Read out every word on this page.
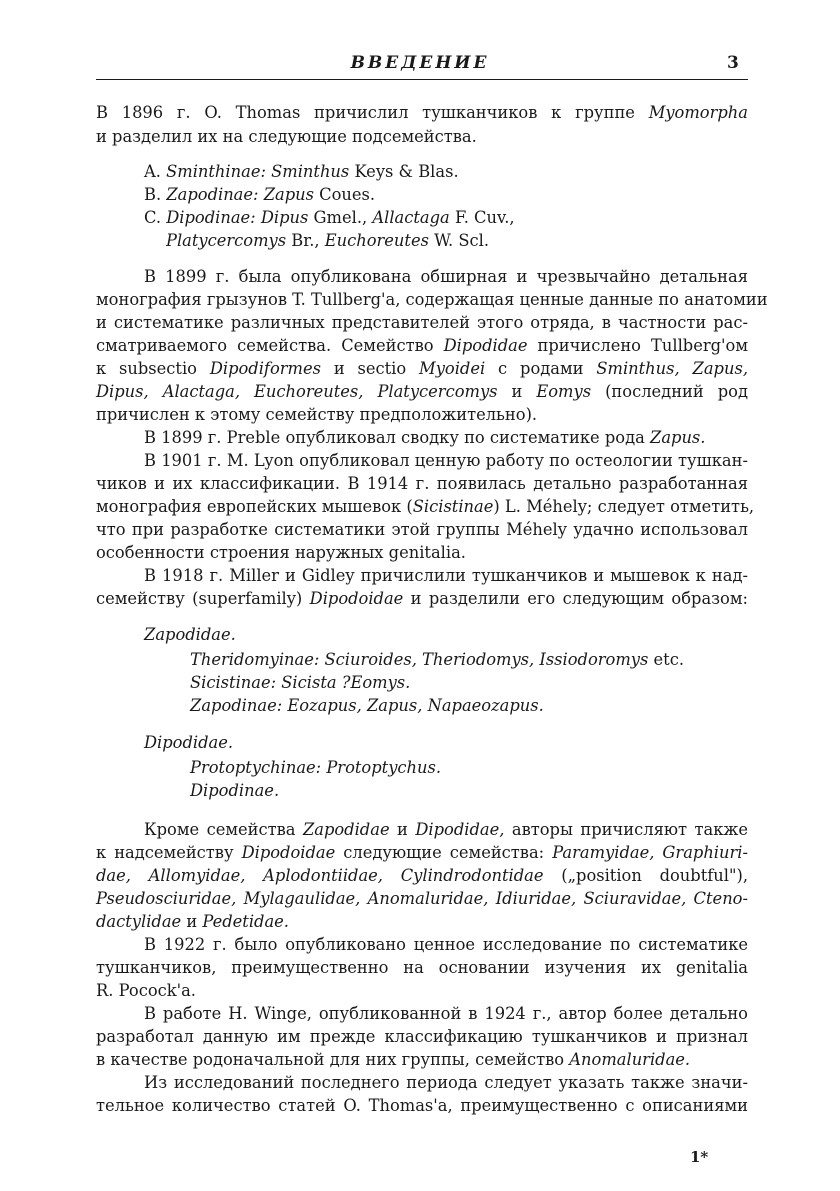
ВВЕДЕНИЕ	3
В 1896 г. O. Thomas причислил тушканчиков к группе Myomorpha
и разделил их на следующие подсемейства.
A. Sminthinae: Sminthus Keys & Blas.
B. Zapodinae: Zapus Coues.
C. Dipodinae: Dipus Gmel., Allactaga F. Cuv.,
Platycercomys Br., Euchoreutes W. Scl.
В 1899 г. была опубликована обширная и чрезвычайно детальная
монография грызунов T. Tullberg'a, содержащая ценные данные по анатомии
и систематике различных представителей этого отряда, в частности рас-
сматриваемого семейства. Семейство Dipodidae причислено Tullberg'ом
к subsectio Dipodiformes и sectio Myoidei с родами Sminthus, Zapus,
Dipus, Alactaga, Euchoreutes, Platycercomys и Eomys (последний род
причислен к этому семейству предположительно).
В 1899 г. Preble опубликовал сводку по систематике рода Zapus.
В 1901 г. M. Lyon опубликовал ценную работу по остеологии тушкан-
чиков и их классификации. В 1914 г. появилась детально разработанная
монография европейских мышевок (Sicistinae) L. Méhely; следует отметить,
что при разработке систематики этой группы Méhely удачно использовал
особенности строения наружных genitalia.
В 1918 г. Miller и Gidley причислили тушканчиков и мышевок к над-
семейству (superfamily) Dipodoidae и разделили его следующим образом:
Zapodidae.
Theridomyinae: Sciuroides, Theriodomys, Issiodoromys etc.
Sicistinae: Sicista ?Eomys.
Zapodinae: Eozapus, Zapus, Napaeozapus.
Dipodidae.
Protoptychinae: Protoptychus.
Dipodinae.
Кроме семейства Zapodidae и Dipodidae, авторы причисляют также
к надсемейству Dipodoidae следующие семейства: Paramyidae, Graphiuri-
dae, Allomyidae, Aplodontiidae, Cylindrodontidae („position doubtful"),
Pseudosciuridae, Mylagaulidae, Anomaluridae, Idiuridae, Sciuravidae, Cteno-
dactylidae и Pedetidae.
В 1922 г. было опубликовано ценное исследование по систематике
тушканчиков, преимущественно на основании изучения их genitalia
R. Pocock'a.
В работе H. Winge, опубликованной в 1924 г., автор более детально
разработал данную им прежде классификацию тушканчиков и признал
в качестве родоначальной для них группы, семейство Anomaluridae.
Из исследований последнего периода следует указать также значи-
тельное количество статей O. Thomas'a, преимущественно с описаниями
1*
